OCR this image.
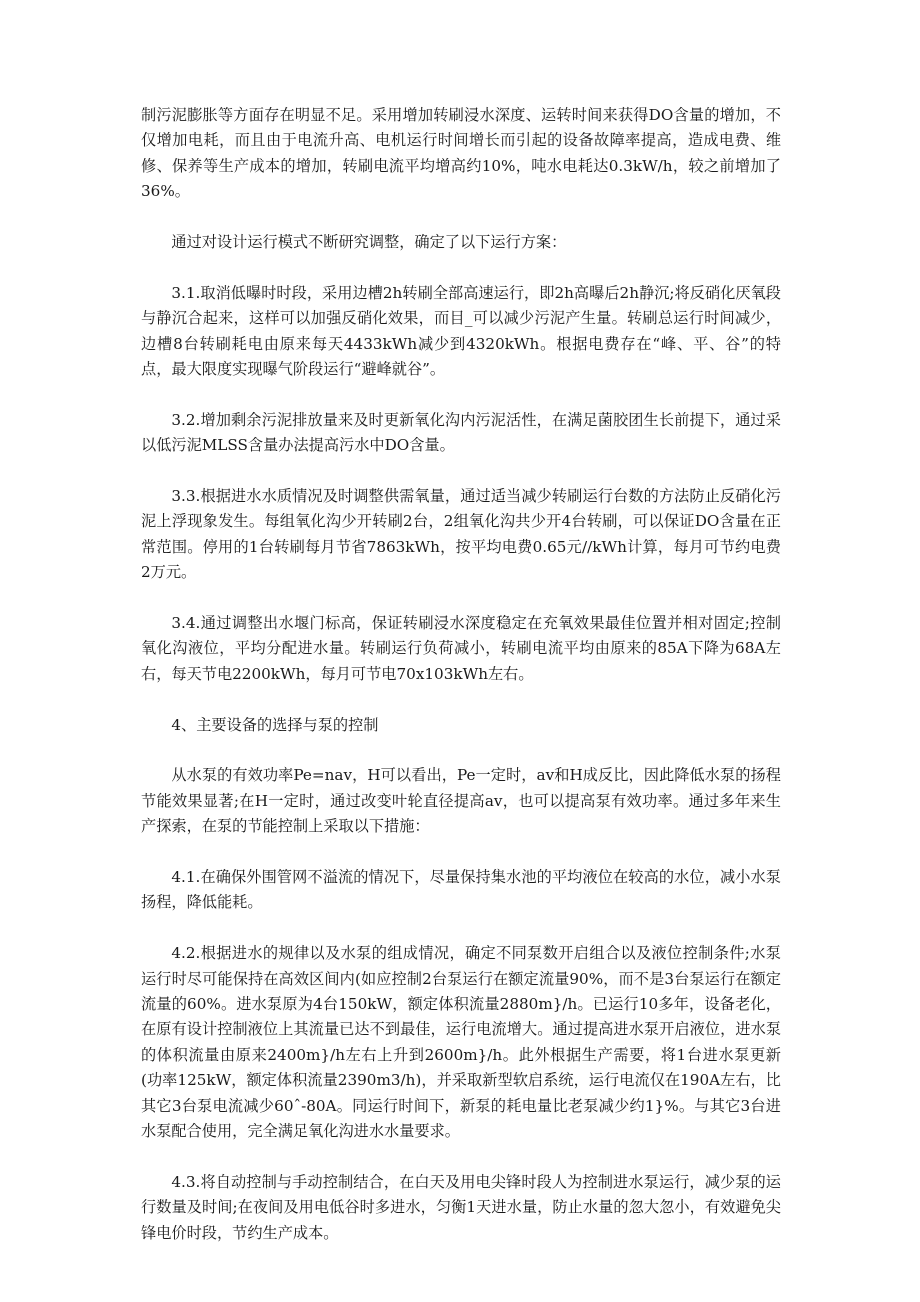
制污泥膨胀等方面存在明显不足。采用增加转刷浸水深度、运转时间来获得DO含量的增加，不仅增加电耗，而且由于电流升高、电机运行时间增长而引起的设备故障率提高，造成电费、维修、保养等生产成本的增加，转刷电流平均增高约10%，吨水电耗达0.3kW/h，较之前增加了36%。

通过对设计运行模式不断研究调整，确定了以下运行方案：

3.1.取消低曝时时段，采用边槽2h转刷全部高速运行，即2h高曝后2h静沉;将反硝化厌氧段与静沉合起来，这样可以加强反硝化效果，而目_可以减少污泥产生量。转刷总运行时间减少，边槽8台转刷耗电由原来每天4433kWh减少到4320kWh。根据电费存在“峰、平、谷”的特点，最大限度实现曝气阶段运行“避峰就谷”。

3.2.增加剩余污泥排放量来及时更新氧化沟内污泥活性，在满足菌胶团生长前提下，通过采以低污泥MLSS含量办法提高污水中DO含量。

3.3.根据进水水质情况及时调整供需氧量，通过适当减少转刷运行台数的方法防止反硝化污泥上浮现象发生。每组氧化沟少开转刷2台，2组氧化沟共少开4台转刷，可以保证DO含量在正常范围。停用的1台转刷每月节省7863kWh，按平均电费0.65元//kWh计算，每月可节约电费2万元。

3.4.通过调整出水堰门标高，保证转刷浸水深度稳定在充氧效果最佳位置并相对固定;控制氧化沟液位，平均分配进水量。转刷运行负荷减小，转刷电流平均由原来的85A下降为68A左右，每天节电2200kWh，每月可节电70x103kWh左右。

4、主要设备的选择与泵的控制

从水泵的有效功率Pe=nav，H可以看出，Pe一定时，av和H成反比，因此降低水泵的扬程节能效果显著;在H一定时，通过改变叶轮直径提高av，也可以提高泵有效功率。通过多年来生产探索，在泵的节能控制上采取以下措施：

4.1.在确保外围管网不溢流的情况下，尽量保持集水池的平均液位在较高的水位，减小水泵扬程，降低能耗。

4.2.根据进水的规律以及水泵的组成情况，确定不同泵数开启组合以及液位控制条件;水泵运行时尽可能保持在高效区间内(如应控制2台泵运行在额定流量90%，而不是3台泵运行在额定流量的60%。进水泵原为4台150kW，额定体积流量2880m}/h。已运行10多年，设备老化，在原有设计控制液位上其流量已达不到最佳，运行电流增大。通过提高进水泵开启液位，进水泵的体积流量由原来2400m}/h左右上升到2600m}/h。此外根据生产需要，将1台进水泵更新(功率125kW，额定体积流量2390m3/h)，并采取新型软启系统，运行电流仅在190A左右，比其它3台泵电流减少60ˆ-80A。同运行时间下，新泵的耗电量比老泵减少约1}%。与其它3台进水泵配合使用，完全满足氧化沟进水水量要求。

4.3.将自动控制与手动控制结合，在白天及用电尖锋时段人为控制进水泵运行，减少泵的运行数量及时间;在夜间及用电低谷时多进水，匀衡1天进水量，防止水量的忽大忽小，有效避免尖锋电价时段，节约生产成本。
